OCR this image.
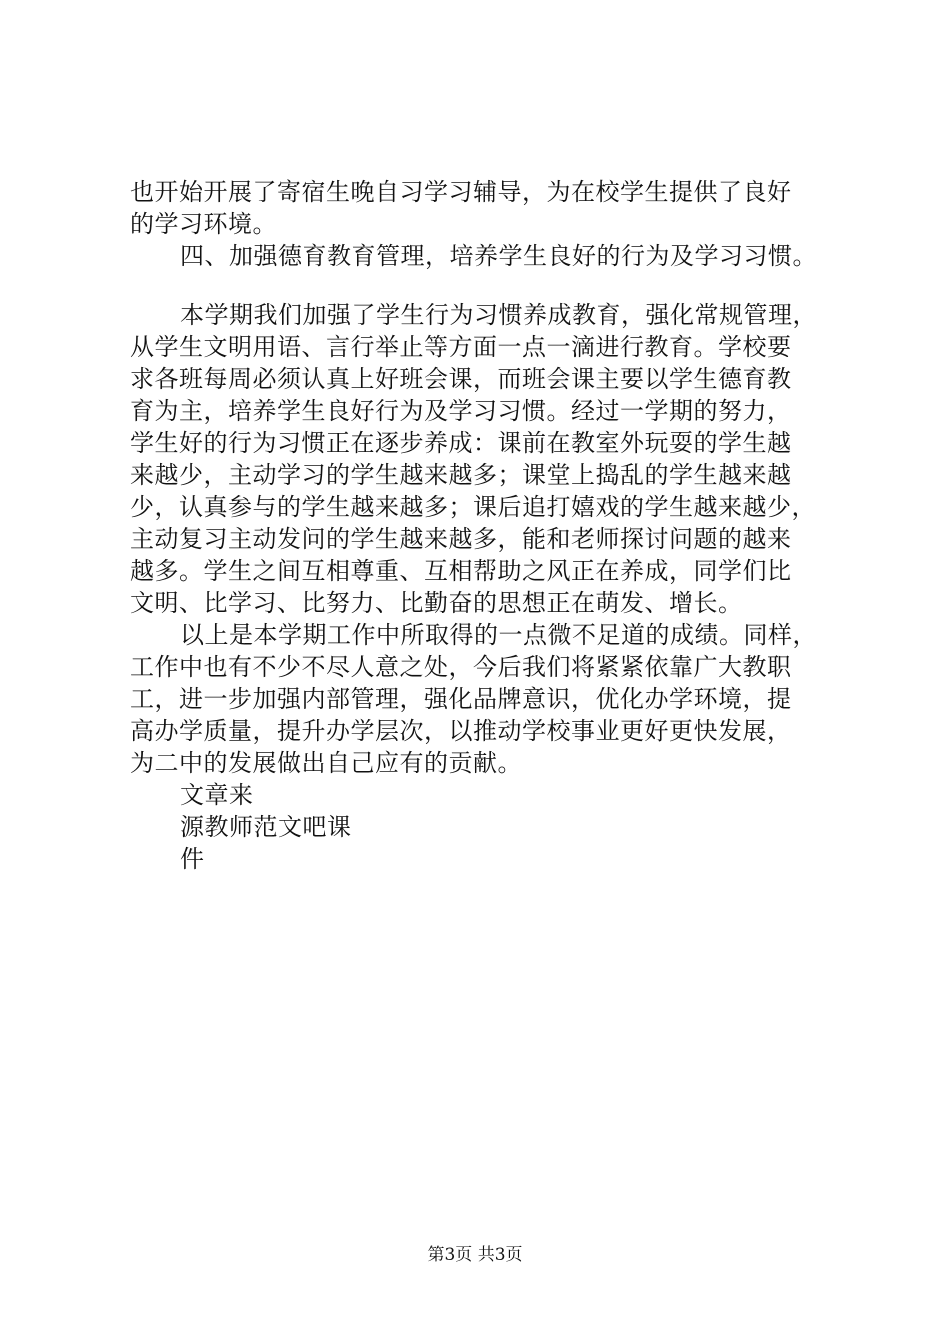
也开始开展了寄宿生晚自习学习辅导，为在校学生提供了良好
的学习环境。
四、加强德育教育管理，培养学生良好的行为及学习习惯。
本学期我们加强了学生行为习惯养成教育，强化常规管理，
从学生文明用语、言行举止等方面一点一滴进行教育。学校要
求各班每周必须认真上好班会课，而班会课主要以学生德育教
育为主，培养学生良好行为及学习习惯。经过一学期的努力，
学生好的行为习惯正在逐步养成：课前在教室外玩耍的学生越
来越少，主动学习的学生越来越多；课堂上捣乱的学生越来越
少，认真参与的学生越来越多；课后追打嬉戏的学生越来越少，
主动复习主动发问的学生越来越多，能和老师探讨问题的越来
越多。学生之间互相尊重、互相帮助之风正在养成，同学们比
文明、比学习、比努力、比勤奋的思想正在萌发、增长。
以上是本学期工作中所取得的一点微不足道的成绩。同样，
工作中也有不少不尽人意之处，今后我们将紧紧依靠广大教职
工，进一步加强内部管理，强化品牌意识，优化办学环境，提
高办学质量，提升办学层次，以推动学校事业更好更快发展，
为二中的发展做出自己应有的贡献。
文章来
源教师范文吧课
件
第3页 共3页
